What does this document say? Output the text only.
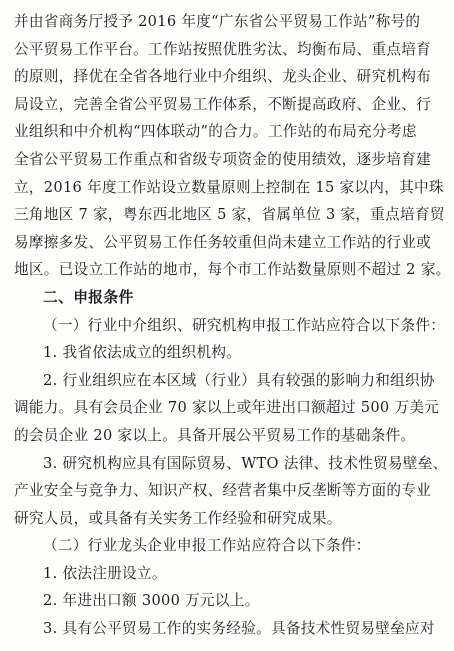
并由省商务厅授予 2016 年度“广东省公平贸易工作站”称号的
公平贸易工作平台。工作站按照优胜劣汰、均衡布局、重点培育
的原则，择优在全省各地行业中介组织、龙头企业、研究机构布
局设立，完善全省公平贸易工作体系，不断提高政府、企业、行
业组织和中介机构“四体联动”的合力。工作站的布局充分考虑
全省公平贸易工作重点和省级专项资金的使用绩效，逐步培育建
立，2016 年度工作站设立数量原则上控制在 15 家以内，其中珠
三角地区 7 家，粤东西北地区 5 家，省属单位 3 家，重点培育贸
易摩擦多发、公平贸易工作任务较重但尚未建立工作站的行业或
地区。已设立工作站的地市，每个市工作站数量原则不超过 2 家。

二、申报条件

（一）行业中介组织、研究机构申报工作站应符合以下条件：

1. 我省依法成立的组织机构。

2. 行业组织应在本区域（行业）具有较强的影响力和组织协
调能力。具有会员企业 70 家以上或年进出口额超过 500 万美元
的会员企业 20 家以上。具备开展公平贸易工作的基础条件。

3. 研究机构应具有国际贸易、WTO 法律、技术性贸易壁垒、
产业安全与竞争力、知识产权、经营者集中反垄断等方面的专业
研究人员，或具备有关实务工作经验和研究成果。

（二）行业龙头企业申报工作站应符合以下条件：

1. 依法注册设立。

2. 年进出口额 3000 万元以上。

3. 具有公平贸易工作的实务经验。具备技术性贸易壁垒应对
